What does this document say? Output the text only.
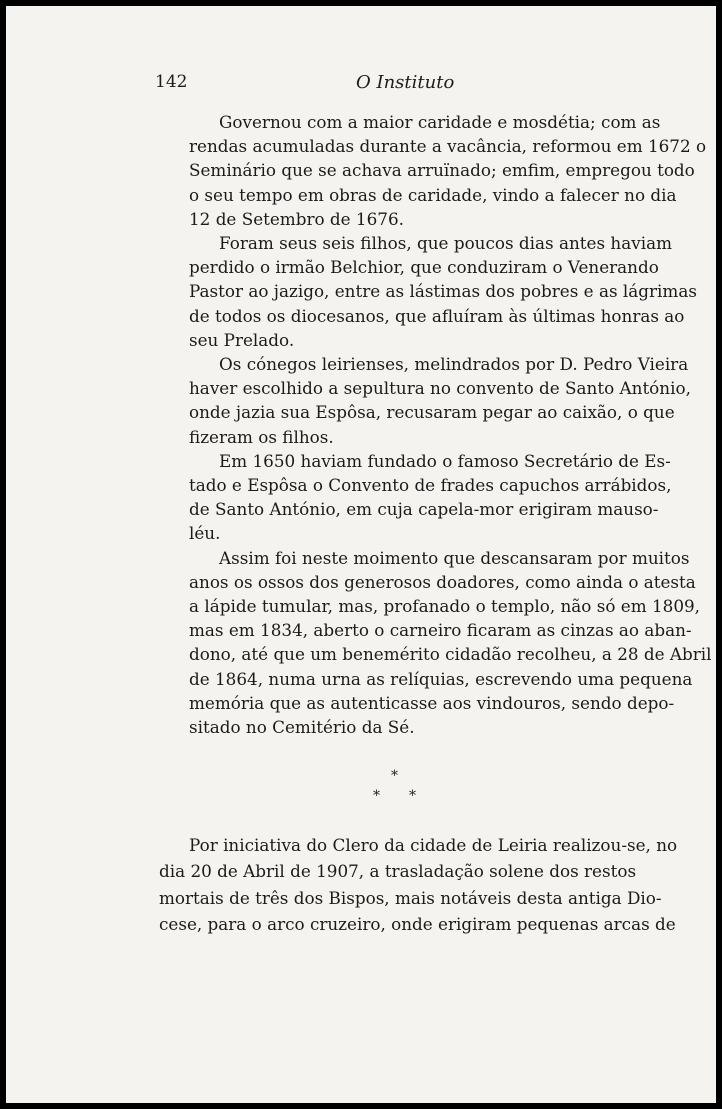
142	O Instituto

Governou com a maior caridade e mosdétia; com as
rendas acumuladas durante a vacância, reformou em 1672 o
Seminário que se achava arruïnado; emfim, empregou todo
o seu tempo em obras de caridade, vindo a falecer no dia
12 de Setembro de 1676.

Foram seus seis filhos, que poucos dias antes haviam
perdido o irmão Belchior, que conduziram o Venerando
Pastor ao jazigo, entre as lástimas dos pobres e as lágrimas
de todos os diocesanos, que afluíram às últimas honras ao
seu Prelado.

Os cónegos leirienses, melindrados por D. Pedro Vieira
haver escolhido a sepultura no convento de Santo António,
onde jazia sua Espôsa, recusaram pegar ao caixão, o que
fizeram os filhos.

Em 1650 haviam fundado o famoso Secretário de Es-
tado e Espôsa o Convento de frades capuchos arrábidos,
de Santo António, em cuja capela-mor erigiram mauso-
léu.

Assim foi neste moimento que descansaram por muitos
anos os ossos dos generosos doadores, como ainda o atesta
a lápide tumular, mas, profanado o templo, não só em 1809,
mas em 1834, aberto o carneiro ficaram as cinzas ao aban-
dono, até que um benemérito cidadão recolheu, a 28 de Abril
de 1864, numa urna as relíquias, escrevendo uma pequena
memória que as autenticasse aos vindouros, sendo depo-
sitado no Cemitério da Sé.

*
* *

Por iniciativa do Clero da cidade de Leiria realizou-se, no
dia 20 de Abril de 1907, a trasladação solene dos restos
mortais de três dos Bispos, mais notáveis desta antiga Dio-
cese, para o arco cruzeiro, onde erigiram pequenas arcas de
